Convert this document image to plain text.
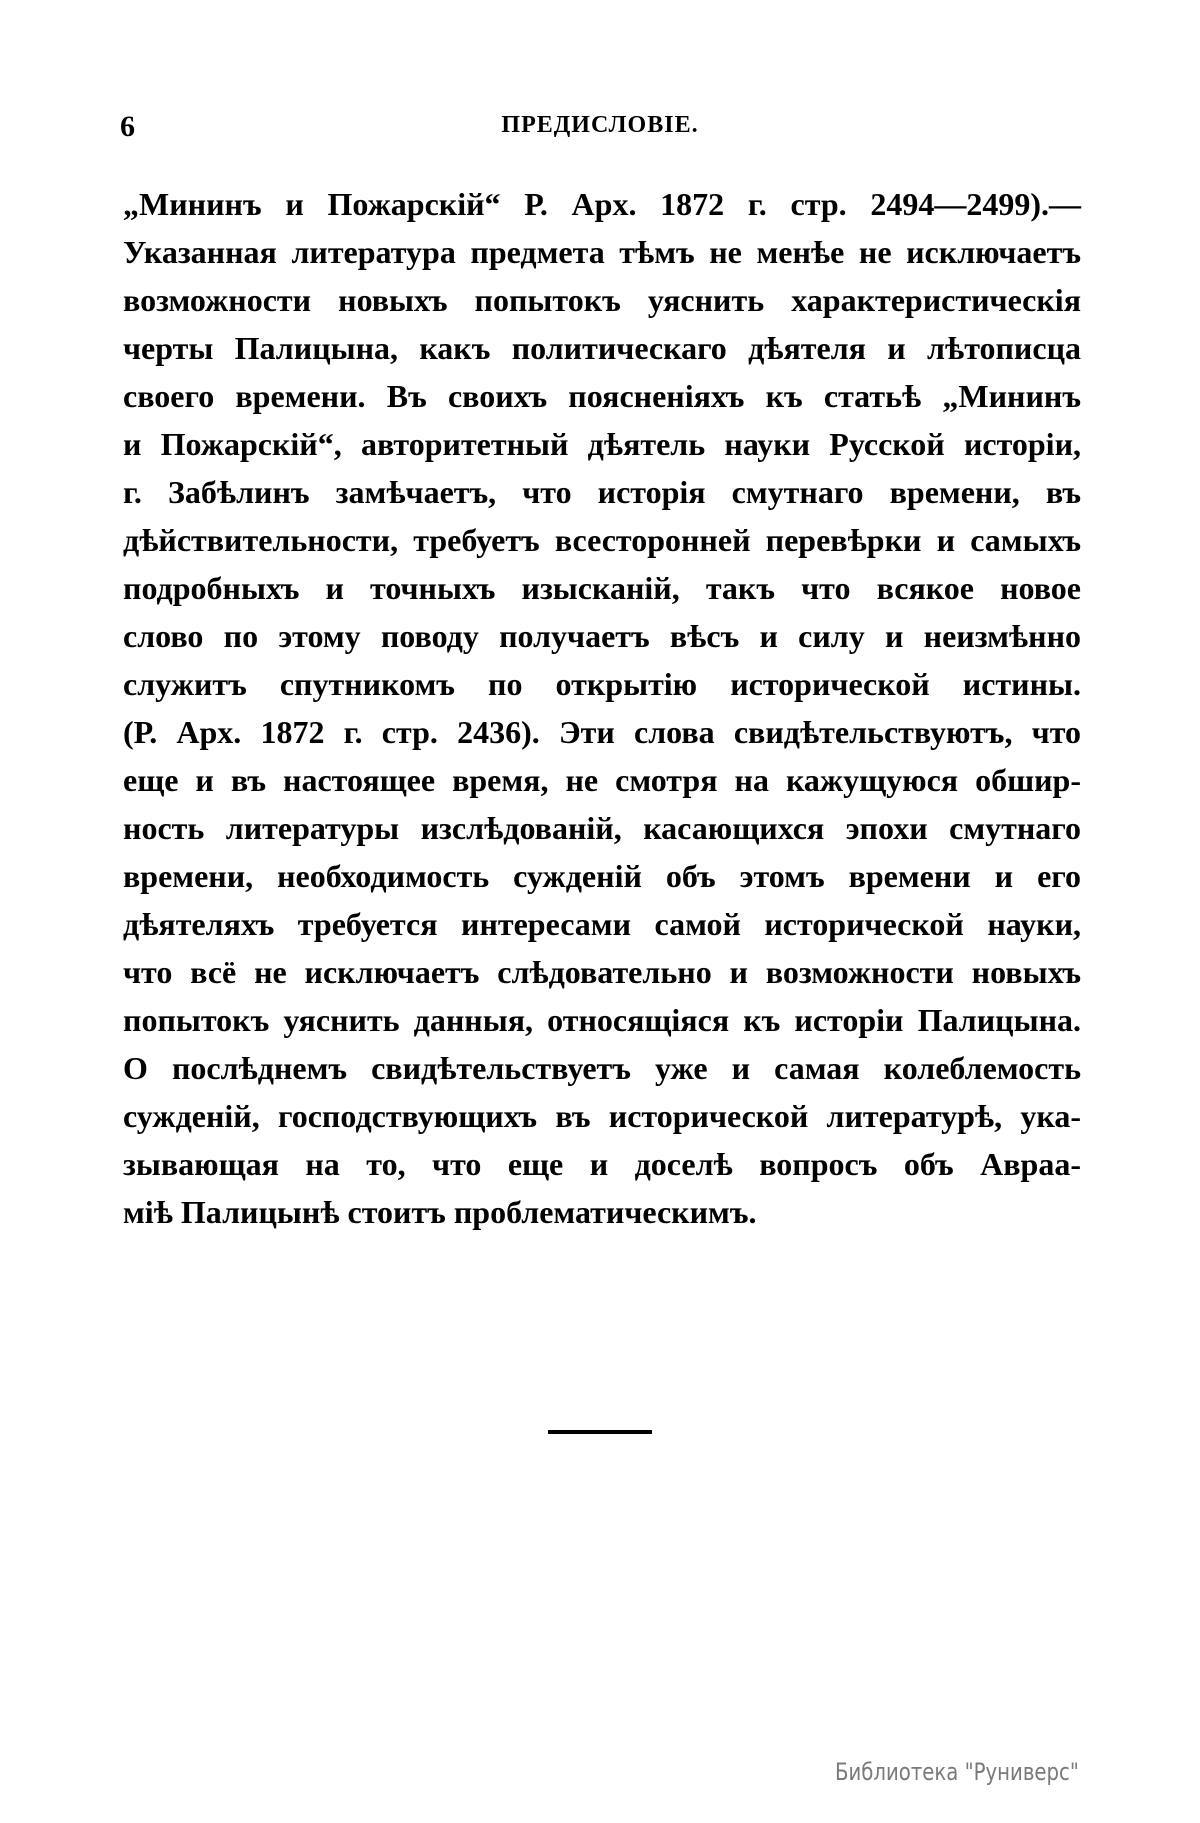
6	ПРЕДИСЛОВІЕ.
„Мининъ и Пожарскій“ Р. Арх. 1872 г. стр. 2494—2499).—
Указанная литература предмета тѣмъ не менѣе не исключаетъ
возможности новыхъ попытокъ уяснить характеристическія
черты Палицына, какъ политическаго дѣятеля и лѣтописца
своего времени. Въ своихъ поясненіяхъ къ статьѣ „Мининъ
и Пожарскій“, авторитетный дѣятель науки Русской исторіи,
г. Забѣлинъ замѣчаетъ, что исторія смутнаго времени, въ
дѣйствительности, требуетъ всесторонней перевѣрки и самыхъ
подробныхъ и точныхъ изысканій, такъ что всякое новое
слово по этому поводу получаетъ вѣсъ и силу и неизмѣнно
служитъ спутникомъ по открытію исторической истины.
(Р. Арх. 1872 г. стр. 2436). Эти слова свидѣтельствуютъ, что
еще и въ настоящее время, не смотря на кажущуюся обшир-
ность литературы изслѣдованій, касающихся эпохи смутнаго
времени, необходимость сужденій объ этомъ времени и его
дѣятеляхъ требуется интересами самой исторической науки,
что всё не исключаетъ слѣдовательно и возможности новыхъ
попытокъ уяснить данныя, относящіяся къ исторіи Палицына.
О послѣднемъ свидѣтельствуетъ уже и самая колеблемость
сужденій, господствующихъ въ исторической литературѣ, ука-
зывающая на то, что еще и доселѣ вопросъ объ Авраа-
міѣ Палицынѣ стоитъ проблематическимъ.
Библиотека "Руниверс"
